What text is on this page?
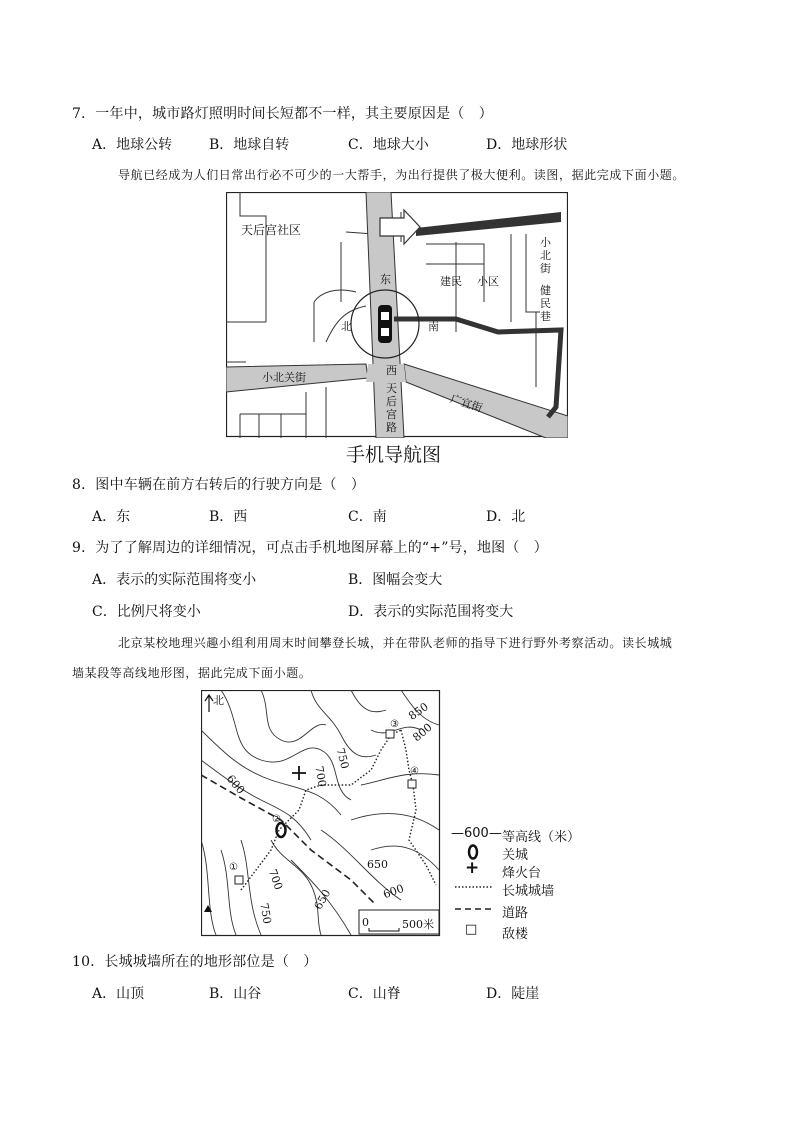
7．一年中，城市路灯照明时间长短都不一样，其主要原因是（　）
A．地球公转	B．地球自转	C．地球大小	D．地球形状
导航已经成为人们日常出行必不可少的一大帮手，为出行提供了极大便利。读图，据此完成下面小题。
天后宫社区
建民 小区
小北街
健民巷
小北关街
广宜街
天后宫路
东
西
南
北
手机导航图
8．图中车辆在前方右转后的行驶方向是（　）
A．东	B．西	C．南	D．北
9．为了了解周边的详细情况，可点击手机地图屏幕上的“+”号，地图（　）
A．表示的实际范围将变小	B．图幅会变大
C．比例尺将变小	D．表示的实际范围将变大
北京某校地理兴趣小组利用周末时间攀登长城，并在带队老师的指导下进行野外考察活动。读长城城
墙某段等高线地形图，据此完成下面小题。
北	850
800
750
700
600
650
600
700
650
750
①
②
③
④
0	500米
—600— 等高线（米）
关城
+ 烽火台
长城城墙
道路
□ 敌楼
10．长城城墙所在的地形部位是（　）
A．山顶	B．山谷	C．山脊	D．陡崖
